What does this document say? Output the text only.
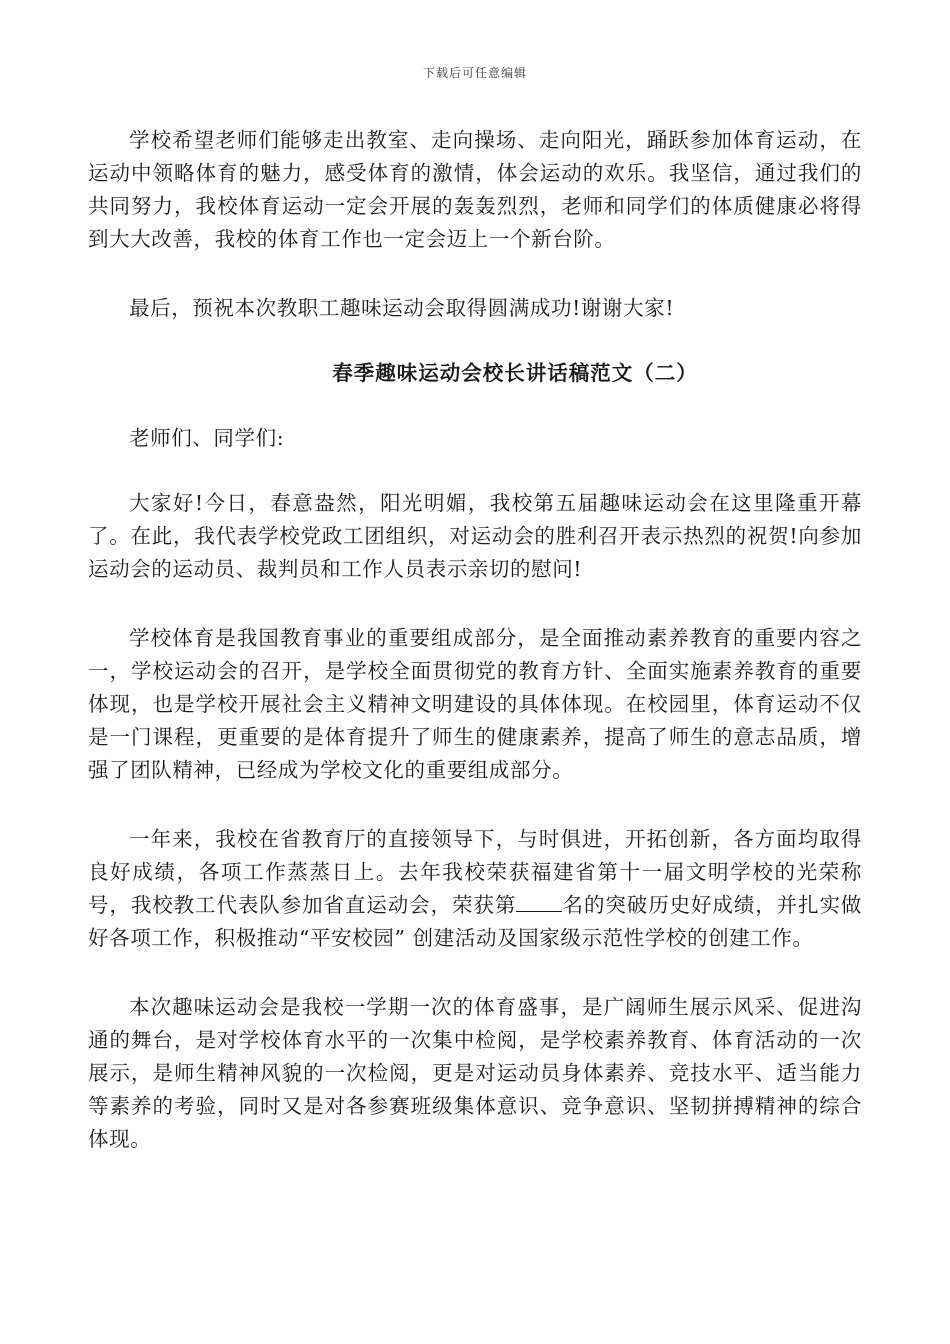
下载后可任意编辑

学校希望老师们能够走出教室、走向操场、走向阳光，踊跃参加体育运动，在运动中领略体育的魅力，感受体育的激情，体会运动的欢乐。我坚信，通过我们的共同努力，我校体育运动一定会开展的轰轰烈烈，老师和同学们的体质健康必将得到大大改善，我校的体育工作也一定会迈上一个新台阶。

最后，预祝本次教职工趣味运动会取得圆满成功!谢谢大家!

春季趣味运动会校长讲话稿范文（二）

老师们、同学们:

大家好!今日，春意盎然，阳光明媚，我校第五届趣味运动会在这里隆重开幕了。在此，我代表学校党政工团组织，对运动会的胜利召开表示热烈的祝贺!向参加运动会的运动员、裁判员和工作人员表示亲切的慰问!

学校体育是我国教育事业的重要组成部分，是全面推动素养教育的重要内容之一，学校运动会的召开，是学校全面贯彻党的教育方针、全面实施素养教育的重要体现，也是学校开展社会主义精神文明建设的具体体现。在校园里，体育运动不仅是一门课程，更重要的是体育提升了师生的健康素养，提高了师生的意志品质，增强了团队精神，已经成为学校文化的重要组成部分。

一年来，我校在省教育厅的直接领导下，与时俱进，开拓创新，各方面均取得良好成绩，各项工作蒸蒸日上。去年我校荣获福建省第十一届文明学校的光荣称号，我校教工代表队参加省直运动会，荣获第 名的突破历史好成绩，并扎实做好各项工作，积极推动“平安校园” 创建活动及国家级示范性学校的创建工作。

本次趣味运动会是我校一学期一次的体育盛事，是广阔师生展示风采、促进沟通的舞台，是对学校体育水平的一次集中检阅，是学校素养教育、体育活动的一次展示，是师生精神风貌的一次检阅，更是对运动员身体素养、竞技水平、适当能力等素养的考验，同时又是对各参赛班级集体意识、竞争意识、坚韧拼搏精神的综合体现。
